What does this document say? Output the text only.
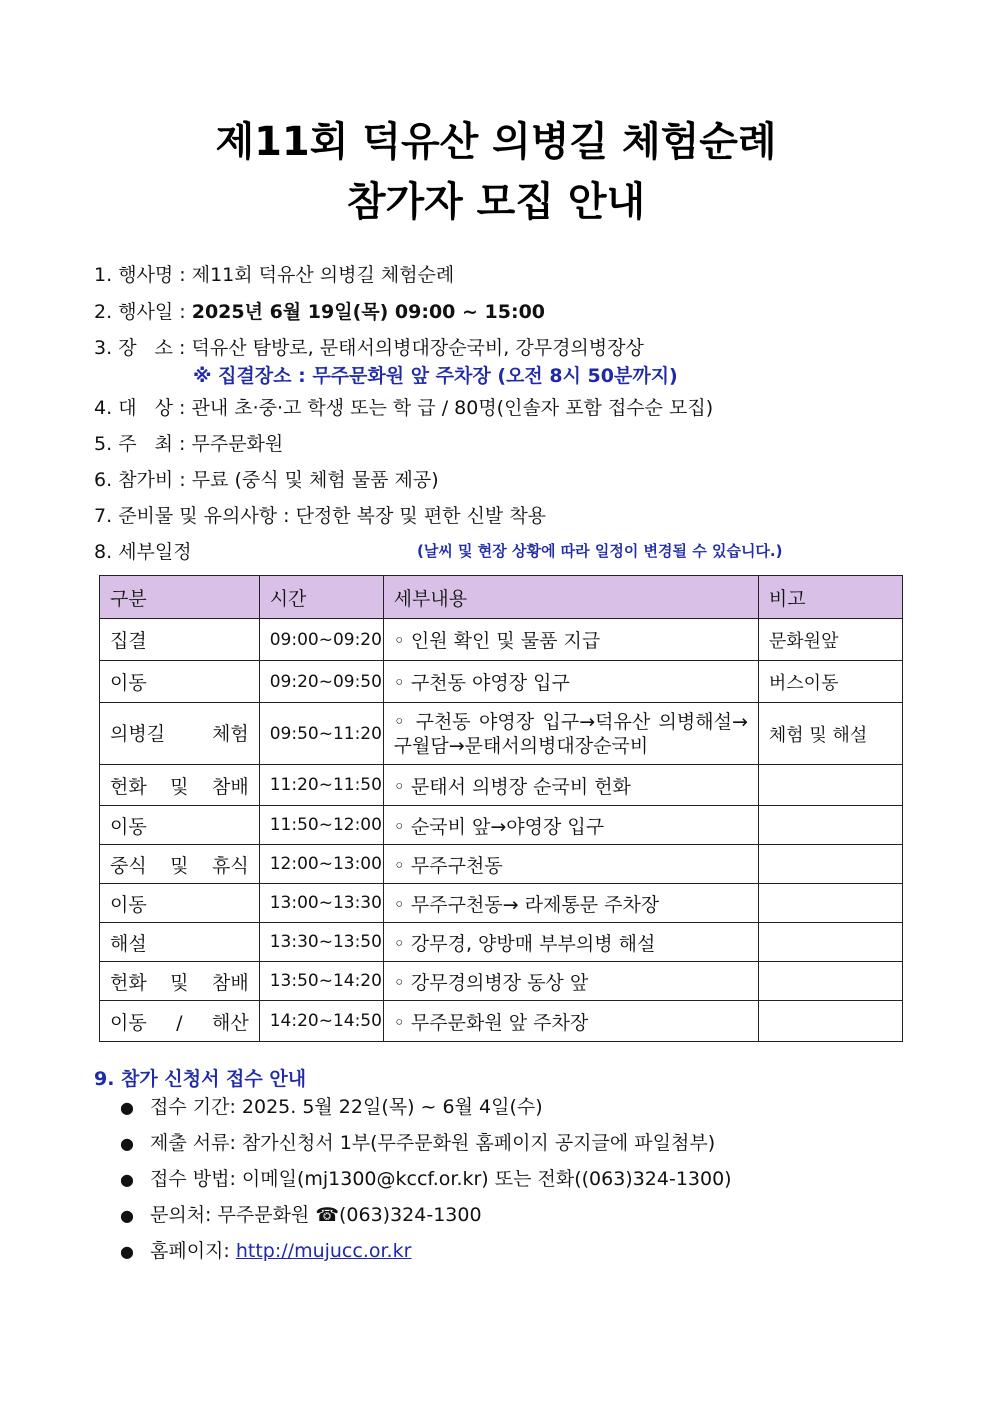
제11회 덕유산 의병길 체험순례
참가자 모집 안내
1. 행사명 : 제11회 덕유산 의병길 체험순례
2. 행사일 : 2025년 6월 19일(목) 09:00 ~ 15:00
3. 장   소 : 덕유산 탐방로, 문태서의병대장순국비, 강무경의병장상
※ 집결장소 : 무주문화원 앞 주차장 (오전 8시 50분까지)
4. 대   상 : 관내 초·중·고 학생 또는 학 급 / 80명(인솔자 포함 접수순 모집)
5. 주   최 : 무주문화원
6. 참가비 : 무료 (중식 및 체험 물품 제공)
7. 준비물 및 유의사항 : 단정한 복장 및 편한 신발 착용
8. 세부일정	(날씨 및 현장 상황에 따라 일정이 변경될 수 있습니다.)
구분	시간	세부내용	비고

집결	09:00~09:20	◦ 인원 확인 및 물품 지급	문화원앞

이동	09:20~09:50	◦ 구천동 야영장 입구	버스이동

의병길 체험	09:50~11:20	◦ 구천동 야영장 입구→덕유산 의병해설→구월담→문태서의병대장순국비	체험 및 해설

헌화 및 참배	11:20~11:50	◦ 문태서 의병장 순국비 헌화	

이동	11:50~12:00	◦ 순국비 앞→야영장 입구	

중식 및 휴식	12:00~13:00	◦ 무주구천동	

이동	13:00~13:30	◦ 무주구천동→ 라제통문 주차장	

해설	13:30~13:50	◦ 강무경, 양방매 부부의병 해설	

헌화 및 참배	13:50~14:20	◦ 강무경의병장 동상 앞	

이동 / 해산	14:20~14:50	◦ 무주문화원 앞 주차장	
9. 참가 신청서 접수 안내
● 접수 기간: 2025. 5월 22일(목) ~ 6월 4일(수)
● 제출 서류: 참가신청서 1부(무주문화원 홈페이지 공지글에 파일첨부)
● 접수 방법: 이메일(mj1300@kccf.or.kr) 또는 전화((063)324-1300)
● 문의처: 무주문화원 ☎(063)324-1300
● 홈페이지: http://mujucc.or.kr
